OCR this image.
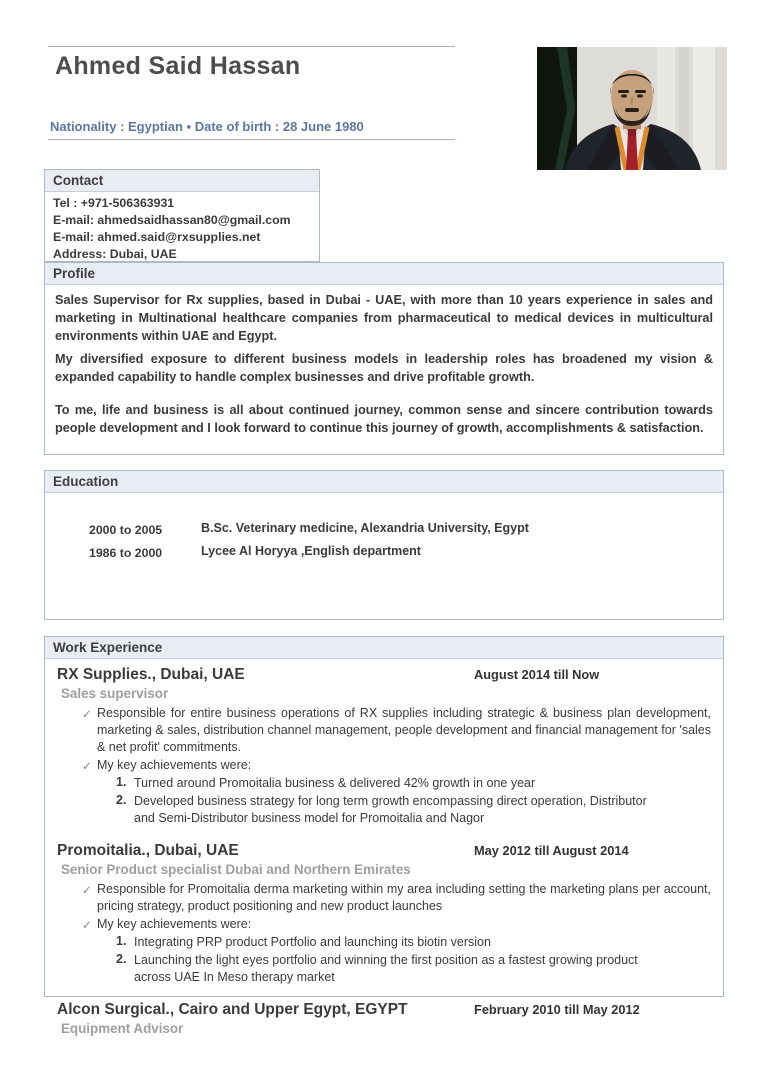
Ahmed Said Hassan
Nationality : Egyptian ▪ Date of birth : 28 June 1980
Contact
Tel : +971-506363931
E-mail: ahmedsaidhassan80@gmail.com
E-mail: ahmed.said@rxsupplies.net
Address: Dubai, UAE
Profile

Sales Supervisor for Rx supplies, based in Dubai - UAE, with more than 10 years experience in sales and marketing in Multinational healthcare companies from pharmaceutical to medical devices in multicultural environments within UAE and Egypt.

My diversified exposure to different business models in leadership roles has broadened my vision & expanded capability to handle complex businesses and drive profitable growth.

To me, life and business is all about continued journey, common sense and sincere contribution towards people development and I look forward to continue this journey of growth, accomplishments & satisfaction.

Education
2000 to 2005	B.Sc. Veterinary medicine, Alexandria University, Egypt
1986 to 2000	Lycee Al Horyya ,English department
Work Experience
RX Supplies., Dubai, UAE	August 2014 till Now
Sales supervisor
✓ Responsible for entire business operations of RX supplies including strategic & business plan development, marketing & sales, distribution channel management, people development and financial management for 'sales & net profit' commitments.
✓ My key achievements were:
1. Turned around Promoitalia business & delivered 42% growth in one year
2. Developed business strategy for long term growth encompassing direct operation, Distributor and Semi-Distributor business model for Promoitalia and Nagor
Promoitalia., Dubai, UAE	May 2012 till August 2014
Senior Product specialist Dubai and Northern Emirates
✓ Responsible for Promoitalia derma marketing within my area including setting the marketing plans per account, pricing strategy, product positioning and new product launches
✓ My key achievements were:
1. Integrating PRP product Portfolio and launching its biotin version
2. Launching the light eyes portfolio and winning the first position as a fastest growing product across UAE In Meso therapy market
Alcon Surgical., Cairo and Upper Egypt, EGYPT	February 2010 till May 2012
Equipment Advisor
